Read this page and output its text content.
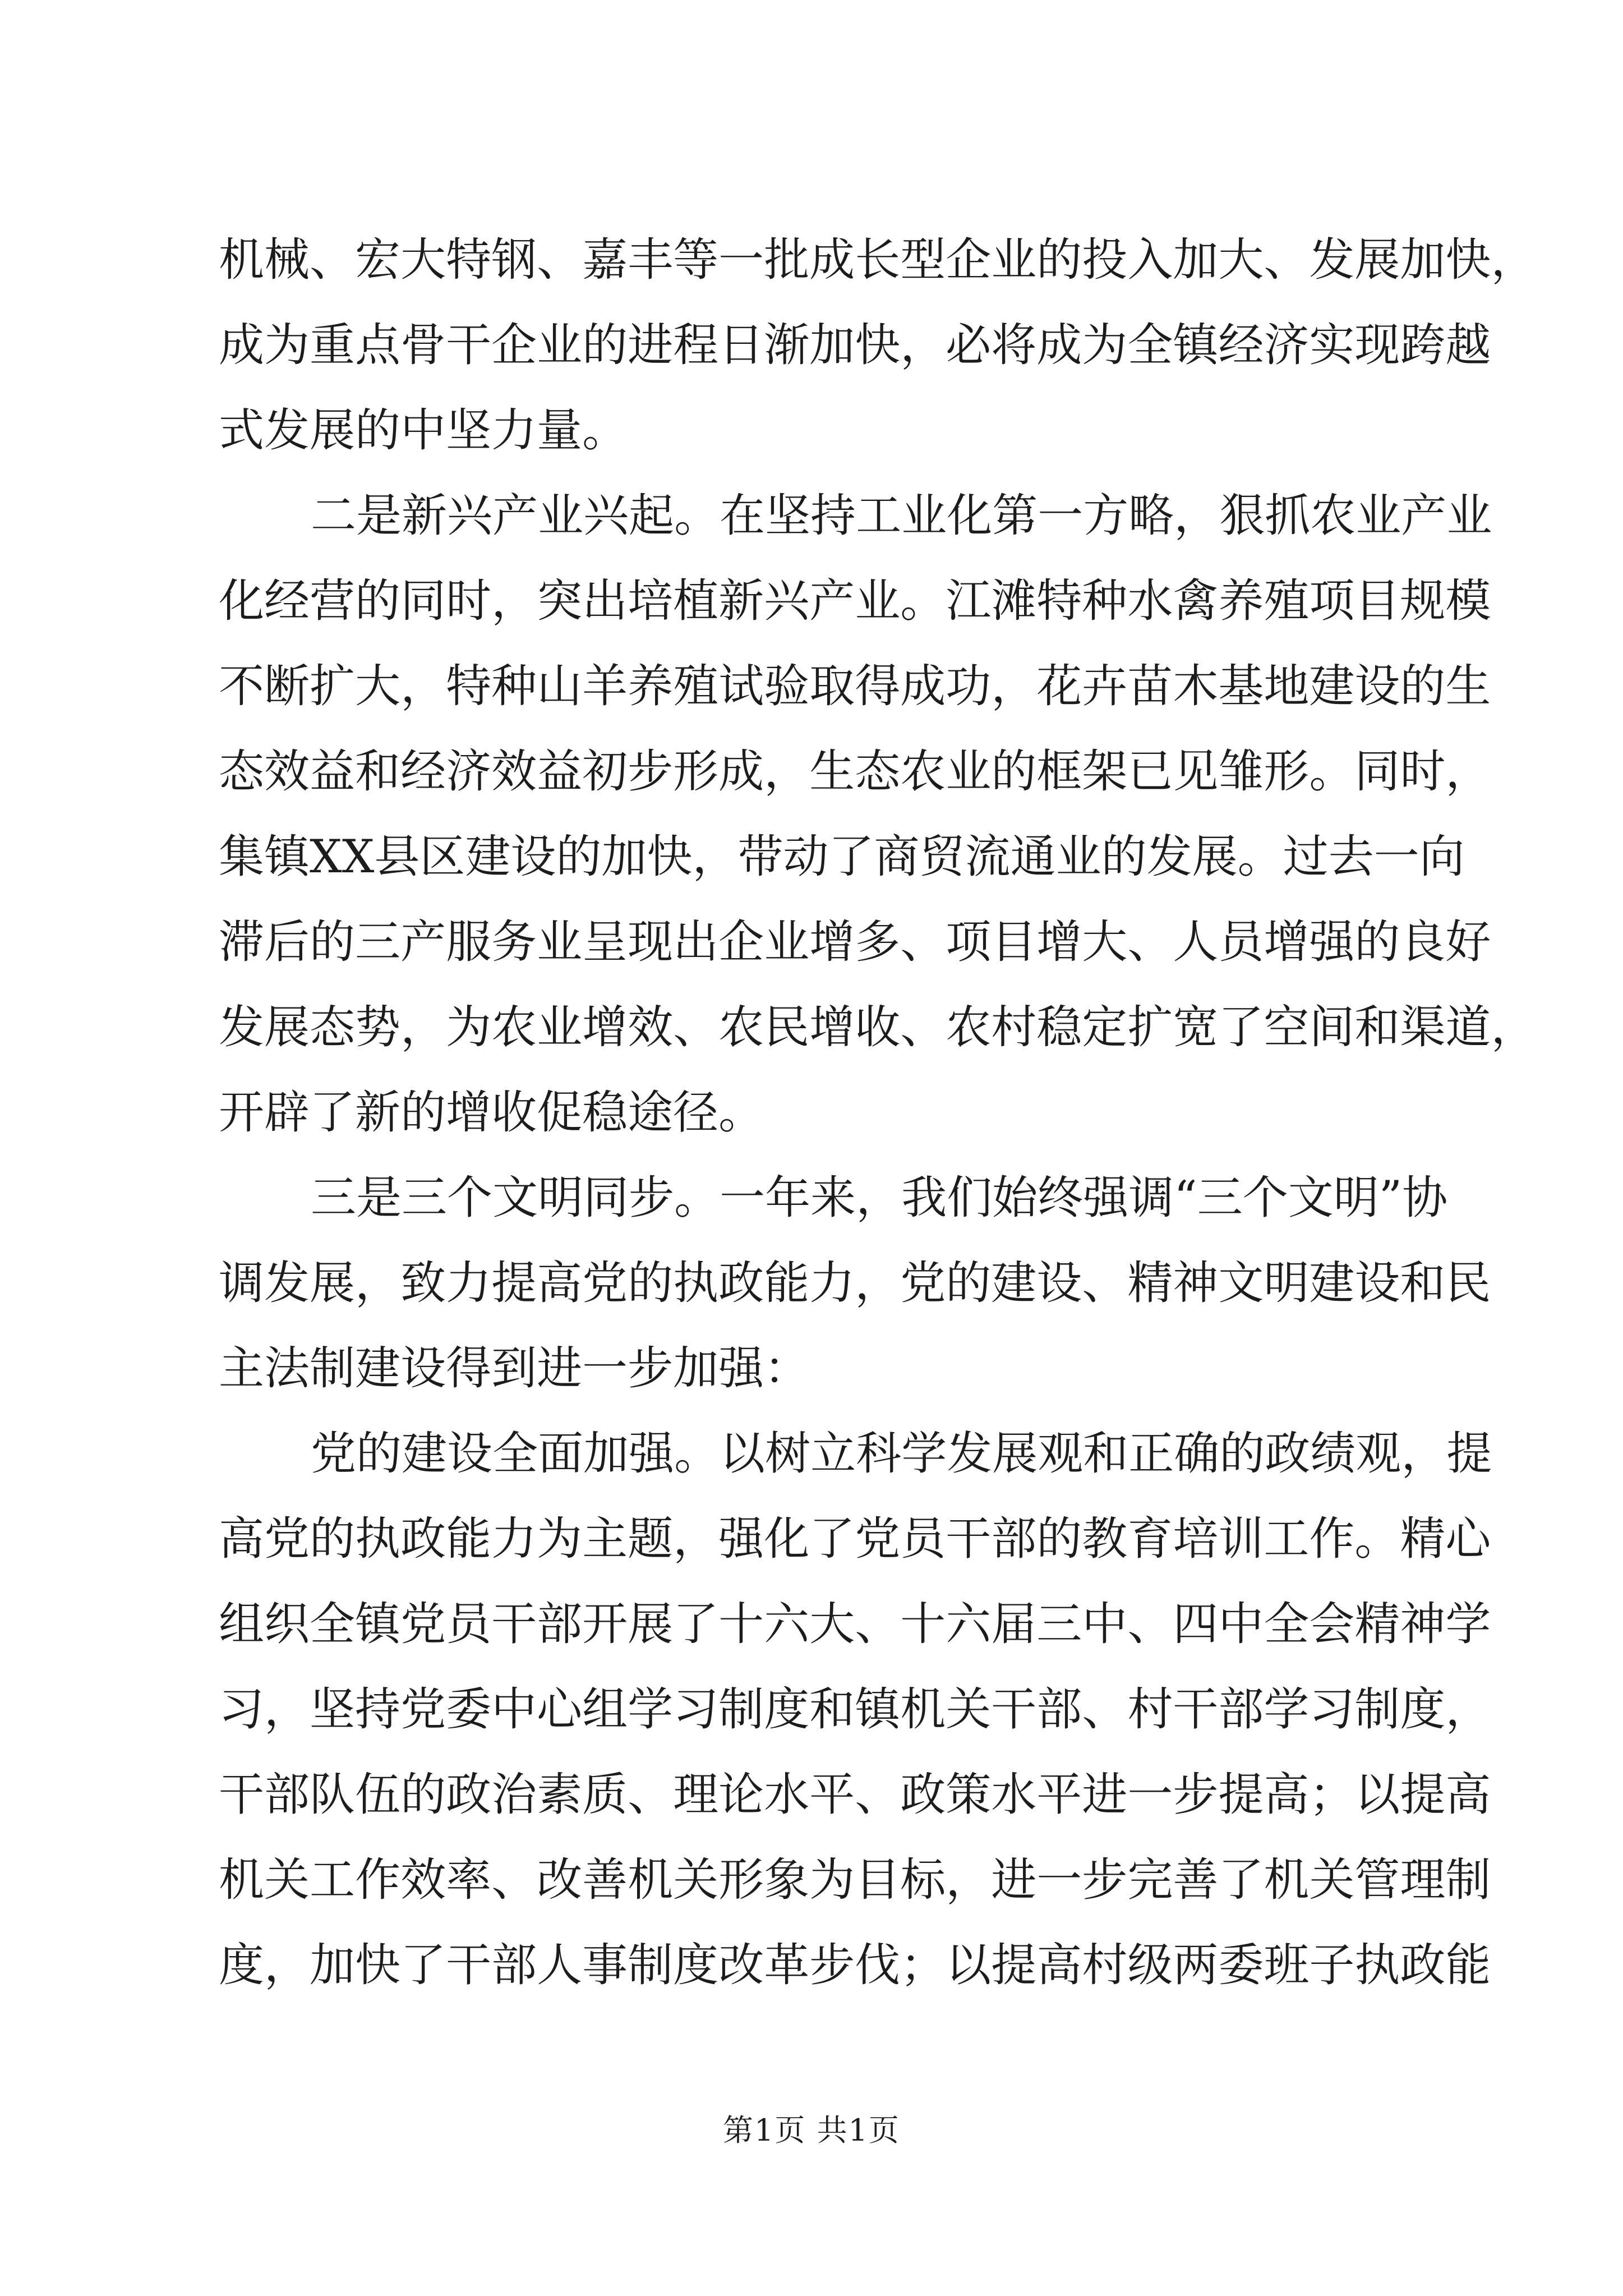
机 械 、 宏 大 特 钢 、 嘉 丰 等 一 批 成 长 型 企 业 的 投 入 加 大 、 发 展 加 快 ，
成 为 重 点 骨 干 企 业 的 进 程 日 渐 加 快 ， 必 将 成 为 全 镇 经 济 实 现 跨 越
式 发 展 的 中 坚 力 量 。
二 是 新 兴 产 业 兴 起 。 在 坚 持 工 业 化 第 一 方 略 ， 狠 抓 农 业 产 业
化 经 营 的 同 时 ， 突 出 培 植 新 兴 产 业 。 江 滩 特 种 水 禽 养 殖 项 目 规 模
不 断 扩 大 ， 特 种 山 羊 养 殖 试 验 取 得 成 功 ， 花 卉 苗 木 基 地 建 设 的 生
态 效 益 和 经 济 效 益 初 步 形 成 ， 生 态 农 业 的 框 架 已 见 雏 形 。 同 时 ，
集 镇 X X 县 区 建 设 的 加 快 ， 带 动 了 商 贸 流 通 业 的 发 展 。 过 去 一 向
滞 后 的 三 产 服 务 业 呈 现 出 企 业 增 多 、 项 目 增 大 、 人 员 增 强 的 良 好
发 展 态 势 ， 为 农 业 增 效 、 农 民 增 收 、 农 村 稳 定 扩 宽 了 空 间 和 渠 道 ，
开 辟 了 新 的 增 收 促 稳 途 径 。
三 是 三 个 文 明 同 步 。 一 年 来 ， 我 们 始 终 强 调 “ 三 个 文 明 ” 协
调 发 展 ， 致 力 提 高 党 的 执 政 能 力 ， 党 的 建 设 、 精 神 文 明 建 设 和 民
主 法 制 建 设 得 到 进 一 步 加 强 ：
党 的 建 设 全 面 加 强 。 以 树 立 科 学 发 展 观 和 正 确 的 政 绩 观 ， 提
高 党 的 执 政 能 力 为 主 题 ， 强 化 了 党 员 干 部 的 教 育 培 训 工 作 。 精 心
组 织 全 镇 党 员 干 部 开 展 了 十 六 大 、 十 六 届 三 中 、 四 中 全 会 精 神 学
习 ， 坚 持 党 委 中 心 组 学 习 制 度 和 镇 机 关 干 部 、 村 干 部 学 习 制 度 ，
干 部 队 伍 的 政 治 素 质 、 理 论 水 平 、 政 策 水 平 进 一 步 提 高 ； 以 提 高
机 关 工 作 效 率 、 改 善 机 关 形 象 为 目 标 ， 进 一 步 完 善 了 机 关 管 理 制
度 ， 加 快 了 干 部 人 事 制 度 改 革 步 伐 ； 以 提 高 村 级 两 委 班 子 执 政 能
第1页 共1页
